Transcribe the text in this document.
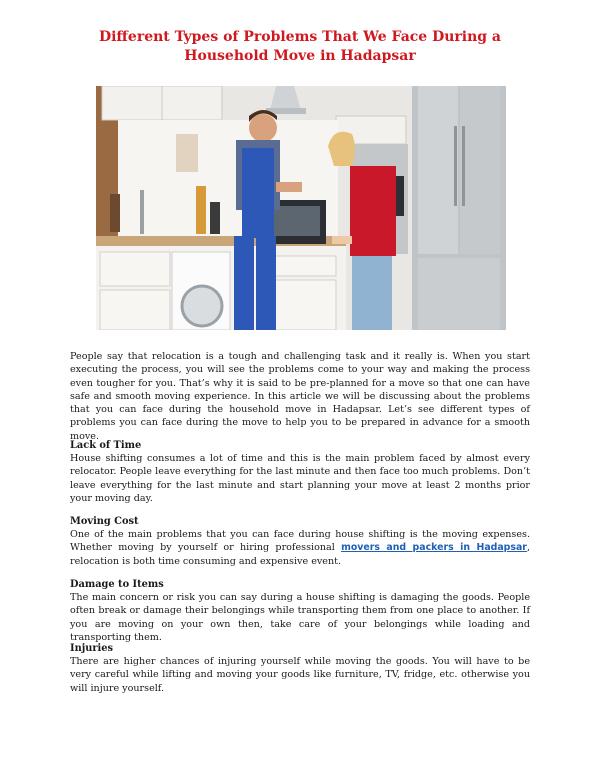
Different Types of Problems That We Face During a Household Move in Hadapsar

People say that relocation is a tough and challenging task and it really is. When you start executing the process, you will see the problems come to your way and making the process even tougher for you. That’s why it is said to be pre-planned for a move so that one can have safe and smooth moving experience. In this article we will be discussing about the problems that you can face during the household move in Hadapsar. Let’s see different types of problems you can face during the move to help you to be prepared in advance for a smooth move.

Lack of Time

House shifting consumes a lot of time and this is the main problem faced by almost every relocator. People leave everything for the last minute and then face too much problems. Don’t leave everything for the last minute and start planning your move at least 2 months prior your moving day.

Moving Cost

One of the main problems that you can face during house shifting is the moving expenses. Whether moving by yourself or hiring professional movers and packers in Hadapsar, relocation is both time consuming and expensive event.

Damage to Items

The main concern or risk you can say during a house shifting is damaging the goods. People often break or damage their belongings while transporting them from one place to another. If you are moving on your own then, take care of your belongings while loading and transporting them.

Injuries

There are higher chances of injuring yourself while moving the goods. You will have to be very careful while lifting and moving your goods like furniture, TV, fridge, etc. otherwise you will injure yourself.
